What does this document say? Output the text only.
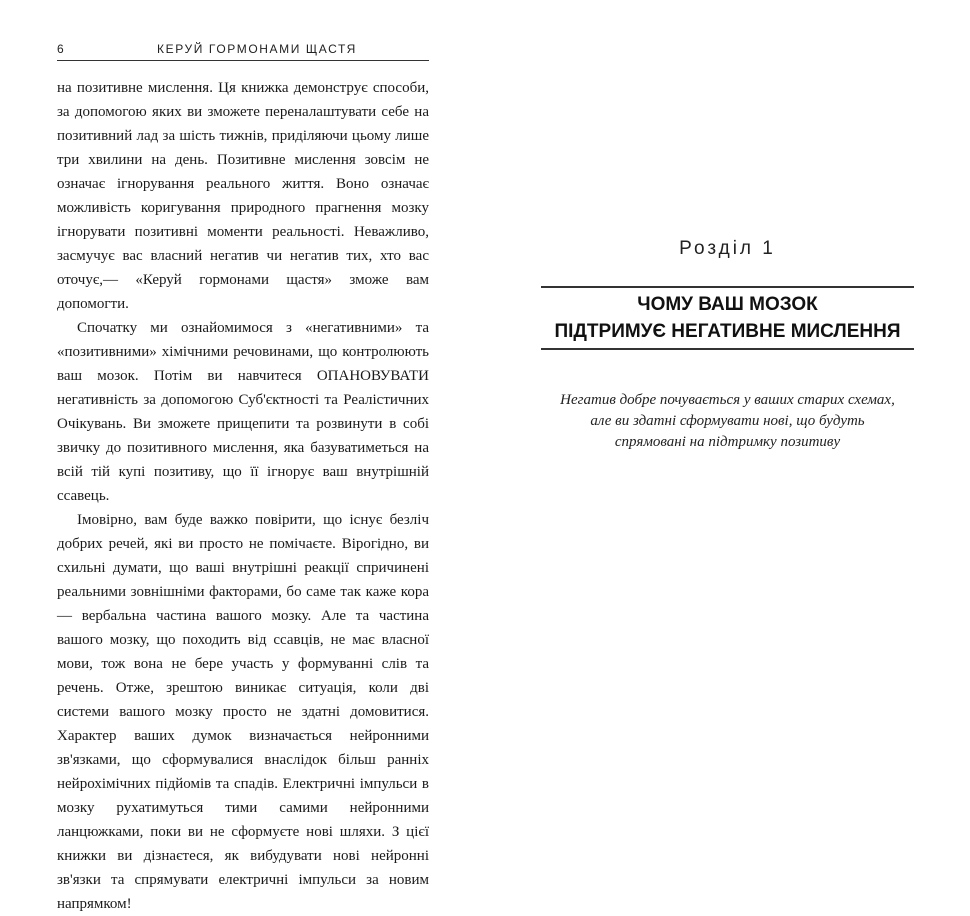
6	КЕРУЙ ГОРМОНАМИ ЩАСТЯ

на позитивне мислення. Ця книжка демонструє способи, за допомогою яких ви зможете переналаштувати себе на позитивний лад за шість тижнів, приділяючи цьому лише три хвилини на день. Позитивне мислення зовсім не означає ігнорування реального життя. Воно означає можливість коригування природного прагнення мозку ігнорувати позитивні моменти реальності. Неважливо, засмучує вас власний негатив чи негатив тих, хто вас оточує,— «Керуй гормонами щастя» зможе вам допомогти.

Спочатку ми ознайомимося з «негативними» та «позитивними» хімічними речовинами, що контролюють ваш мозок. Потім ви навчитеся ОПАНОВУВАТИ негативність за допомогою Суб'єктності та Реалістичних Очікувань. Ви зможете прищепити та розвинути в собі звичку до позитивного мислення, яка базуватиметься на всій тій купі позитиву, що її ігнорує ваш внутрішній ссавець.

Імовірно, вам буде важко повірити, що існує безліч добрих речей, які ви просто не помічаєте. Вірогідно, ви схильні думати, що ваші внутрішні реакції спричинені реальними зовнішніми факторами, бо саме так каже кора — вербальна частина вашого мозку. Але та частина вашого мозку, що походить від ссавців, не має власної мови, тож вона не бере участь у формуванні слів та речень. Отже, зрештою виникає ситуація, коли дві системи вашого мозку просто не здатні домовитися. Характер ваших думок визначається нейронними зв'язками, що сформувалися внаслідок більш ранніх нейрохімічних підйомів та спадів. Електричні імпульси в мозку рухатимуться тими самими нейронними ланцюжками, поки ви не сформуєте нові шляхи. З цієї книжки ви дізнаєтеся, як вибудувати нові нейронні зв'язки та спрямувати електричні імпульси за новим напрямком!

Розділ 1
ЧОМУ ВАШ МОЗОК
ПІДТРИМУЄ НЕГАТИВНЕ МИСЛЕННЯ
Негатив добре почувається у ваших старих схемах,
але ви здатні сформувати нові, що будуть
спрямовані на підтримку позитиву
